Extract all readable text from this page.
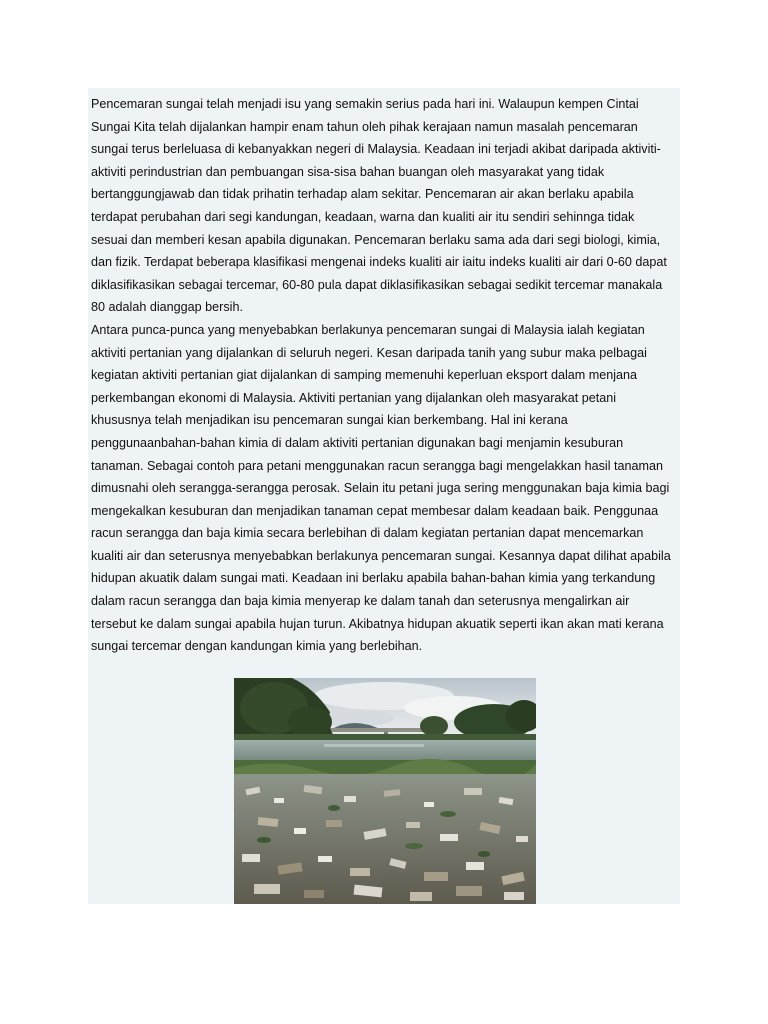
Pencemaran sungai telah menjadi isu yang semakin serius pada hari ini. Walaupun kempen Cintai Sungai Kita telah dijalankan hampir enam tahun oleh pihak kerajaan namun masalah pencemaran sungai terus berleluasa di kebanyakkan negeri di Malaysia. Keadaan ini terjadi akibat daripada aktiviti-aktiviti perindustrian dan pembuangan sisa-sisa bahan buangan oleh masyarakat yang tidak bertanggungjawab dan tidak prihatin terhadap alam sekitar. Pencemaran air akan berlaku apabila terdapat perubahan dari segi kandungan, keadaan, warna dan kualiti air itu sendiri sehinnga tidak sesuai dan memberi kesan apabila digunakan. Pencemaran berlaku sama ada dari segi biologi, kimia, dan fizik. Terdapat beberapa klasifikasi mengenai indeks kualiti air iaitu indeks kualiti air dari 0-60 dapat diklasifikasikan sebagai tercemar, 60-80 pula dapat diklasifikasikan sebagai sedikit tercemar manakala 80 adalah dianggap bersih.

Antara punca-punca yang menyebabkan berlakunya pencemaran sungai di Malaysia ialah kegiatan aktiviti pertanian yang dijalankan di seluruh negeri. Kesan daripada tanih yang subur maka pelbagai kegiatan aktiviti pertanian giat dijalankan di samping memenuhi keperluan eksport dalam menjana perkembangan ekonomi di Malaysia. Aktiviti pertanian yang dijalankan oleh masyarakat petani khususnya telah menjadikan isu pencemaran sungai kian berkembang. Hal ini kerana penggunaanbahan-bahan kimia di dalam aktiviti pertanian digunakan bagi menjamin kesuburan tanaman. Sebagai contoh para petani menggunakan racun serangga bagi mengelakkan hasil tanaman dimusnahi oleh serangga-serangga perosak. Selain itu petani juga sering menggunakan baja kimia bagi mengekalkan kesuburan dan menjadikan tanaman cepat membesar dalam keadaan baik. Penggunaa racun serangga dan baja kimia secara berlebihan di dalam kegiatan pertanian dapat mencemarkan kualiti air dan seterusnya menyebabkan berlakunya pencemaran sungai. Kesannya dapat dilihat apabila hidupan akuatik dalam sungai mati. Keadaan ini berlaku apabila bahan-bahan kimia yang terkandung dalam racun serangga dan baja kimia menyerap ke dalam tanah dan seterusnya mengalirkan air tersebut ke dalam sungai apabila hujan turun. Akibatnya hidupan akuatik seperti ikan akan mati kerana sungai tercemar dengan kandungan kimia yang berlebihan.
